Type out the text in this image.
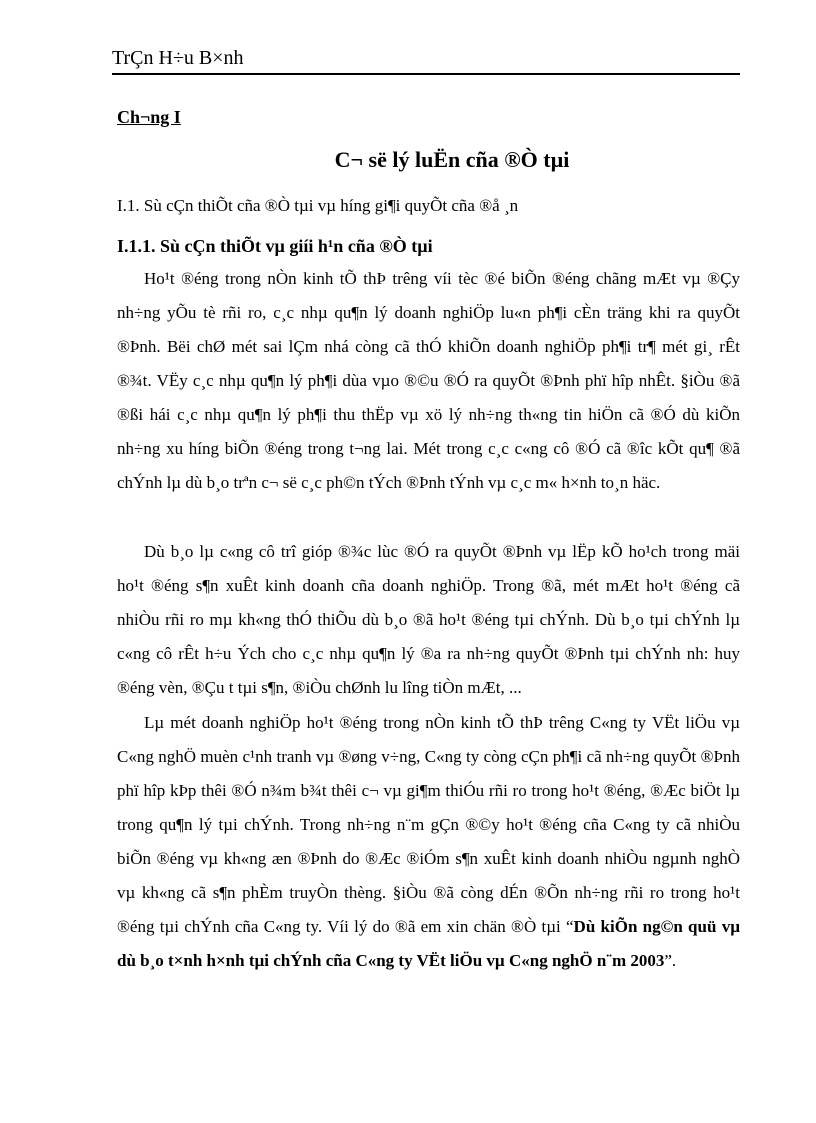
TrÇn H÷u B×nh
Ch¬ng I
C¬ së lý luËn cña ®Ò tµi
I.1. Sù cÇn thiÕt cña ®Ò tµi vµ híng gi¶i quyÕt cña ®å ¸n
I.1.1. Sù cÇn thiÕt vµ giíi h¹n cña ®Ò tµi

Ho¹t ®éng trong nÒn kinh tÕ thÞ trêng víi tèc ®é biÕn ®éng chãng mÆt vµ ®Çy nh÷ng yÕu tè rñi ro, c¸c nhµ qu¶n lý doanh nghiÖp lu«n ph¶i cÈn träng khi ra quyÕt ®Þnh. Bëi chØ mét sai lÇm nhá còng cã thÓ khiÕn doanh nghiÖp ph¶i tr¶ mét gi¸ rÊt ®¾t. VËy c¸c nhµ qu¶n lý ph¶i dùa vµo ®©u ®Ó ra quyÕt ®Þnh phï hîp nhÊt. §iÒu ®ã ®ßi hái c¸c nhµ qu¶n lý ph¶i thu thËp vµ xö lý nh÷ng th«ng tin hiÖn cã ®Ó dù kiÕn nh÷ng xu híng biÕn ®éng trong t¬ng lai. Mét trong c¸c c«ng cô ®Ó cã ®îc kÕt qu¶ ®ã chÝnh lµ dù b¸o trªn c¬ së c¸c ph©n tÝch ®Þnh tÝnh vµ c¸c m« h×nh to¸n häc.

Dù b¸o lµ c«ng cô trî gióp ®¾c lùc ®Ó ra quyÕt ®Þnh vµ lËp kÕ ho¹ch trong mäi ho¹t ®éng s¶n xuÊt kinh doanh cña doanh nghiÖp. Trong ®ã, mét mÆt ho¹t ®éng cã nhiÒu rñi ro mµ kh«ng thÓ thiÕu dù b¸o ®ã ho¹t ®éng tµi chÝnh. Dù b¸o tµi chÝnh lµ c«ng cô rÊt h÷u Ých cho c¸c nhµ qu¶n lý ®a ra nh÷ng quyÕt ®Þnh tµi chÝnh nh: huy ®éng vèn, ®Çu t tµi s¶n, ®iÒu chØnh lu lîng tiÒn mÆt, ...

Lµ mét doanh nghiÖp ho¹t ®éng trong nÒn kinh tÕ thÞ trêng C«ng ty VËt liÖu vµ C«ng nghÖ muèn c¹nh tranh vµ ®øng v÷ng, C«ng ty còng cÇn ph¶i cã nh÷ng quyÕt ®Þnh phï hîp kÞp thêi ®Ó n¾m b¾t thêi c¬ vµ gi¶m thiÓu rñi ro trong ho¹t ®éng, ®Æc biÖt lµ trong qu¶n lý tµi chÝnh. Trong nh÷ng n¨m gÇn ®©y ho¹t ®éng cña C«ng ty cã nhiÒu biÕn ®éng vµ kh«ng æn ®Þnh do ®Æc ®iÓm s¶n xuÊt kinh doanh nhiÒu ngµnh nghÒ vµ kh«ng cã s¶n phÈm truyÒn thèng. §iÒu ®ã còng dÉn ®Õn nh÷ng rñi ro trong ho¹t ®éng tµi chÝnh cña C«ng ty. Víi lý do ®ã em xin chän ®Ò tµi “Dù kiÕn ng©n quü vµ dù b¸o t×nh h×nh tµi chÝnh cña C«ng ty VËt liÖu vµ C«ng nghÖ n¨m 2003”.
